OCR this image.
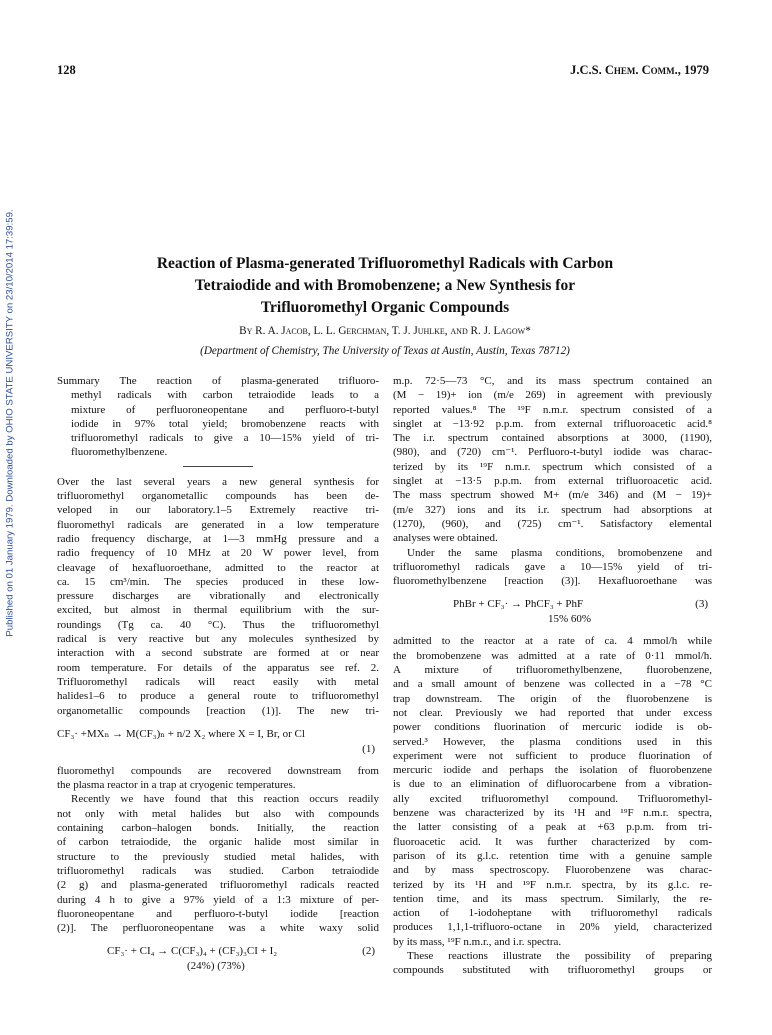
Published on 01 January 1979. Downloaded by OHIO STATE UNIVERSITY on 23/10/2014 17:39:59.
128	J.C.S. Chem. Comm., 1979
Reaction of Plasma-generated Trifluoromethyl Radicals with Carbon
Tetraiodide and with Bromobenzene; a New Synthesis for
Trifluoromethyl Organic Compounds
By R. A. Jacob, L. L. Gerchman, T. J. Juhlke, and R. J. Lagow*
(Department of Chemistry, The University of Texas at Austin, Austin, Texas 78712)
Summary The reaction of plasma-generated trifluoro-
methyl radicals with carbon tetraiodide leads to a
mixture of perfluoroneopentane and perfluoro-t-butyl
iodide in 97% total yield; bromobenzene reacts with
trifluoromethyl radicals to give a 10—15% yield of tri-
fluoromethylbenzene.
Over the last several years a new general synthesis for
trifluoromethyl organometallic compounds has been de-
veloped in our laboratory.1–5 Extremely reactive tri-
fluoromethyl radicals are generated in a low temperature
radio frequency discharge, at 1—3 mmHg pressure and a
radio frequency of 10 MHz at 20 W power level, from
cleavage of hexafluoroethane, admitted to the reactor at
ca. 15 cm³/min. The species produced in these low-
pressure discharges are vibrationally and electronically
excited, but almost in thermal equilibrium with the sur-
roundings (Tg ca. 40 °C). Thus the trifluoromethyl
radical is very reactive but any molecules synthesized by
interaction with a second substrate are formed at or near
room temperature. For details of the apparatus see ref. 2.
Trifluoromethyl radicals will react easily with metal
halides1–6 to produce a general route to trifluoromethyl
organometallic compounds [reaction (1)]. The new tri-
CF₃· +MXₙ → M(CF₃)ₙ + n/2 X₂ where X = I, Br, or Cl
(1)
fluoromethyl compounds are recovered downstream from
the plasma reactor in a trap at cryogenic temperatures.
Recently we have found that this reaction occurs readily
not only with metal halides but also with compounds
containing carbon–halogen bonds. Initially, the reaction
of carbon tetraiodide, the organic halide most similar in
structure to the previously studied metal halides, with
trifluoromethyl radicals was studied. Carbon tetraiodide
(2 g) and plasma-generated trifluoromethyl radicals reacted
during 4 h to give a 97% yield of a 1:3 mixture of per-
fluoroneopentane and perfluoro-t-butyl iodide [reaction
(2)]. The perfluoroneopentane was a white waxy solid
CF₃· + CI₄ → C(CF₃)₄ + (CF₃)₃CI + I₂	(2)
(24%) (73%)
m.p. 72·5—73 °C, and its mass spectrum contained an
(M − 19)+ ion (m/e 269) in agreement with previously
reported values.⁸ The ¹⁹F n.m.r. spectrum consisted of a
singlet at −13·92 p.p.m. from external trifluoroacetic acid.⁸
The i.r. spectrum contained absorptions at 3000, (1190),
(980), and (720) cm⁻¹. Perfluoro-t-butyl iodide was charac-
terized by its ¹⁹F n.m.r. spectrum which consisted of a
singlet at −13·5 p.p.m. from external trifluoroacetic acid.
The mass spectrum showed M+ (m/e 346) and (M − 19)+
(m/e 327) ions and its i.r. spectrum had absorptions at
(1270), (960), and (725) cm⁻¹. Satisfactory elemental
analyses were obtained.
Under the same plasma conditions, bromobenzene and
trifluoromethyl radicals gave a 10—15% yield of tri-
fluoromethylbenzene [reaction (3)]. Hexafluoroethane was
PhBr + CF₃· → PhCF₃ + PhF	(3)
15% 60%
admitted to the reactor at a rate of ca. 4 mmol/h while
the bromobenzene was admitted at a rate of 0·11 mmol/h.
A mixture of trifluoromethylbenzene, fluorobenzene,
and a small amount of benzene was collected in a −78 °C
trap downstream. The origin of the fluorobenzene is
not clear. Previously we had reported that under excess
power conditions fluorination of mercuric iodide is ob-
served.³ However, the plasma conditions used in this
experiment were not sufficient to produce fluorination of
mercuric iodide and perhaps the isolation of fluorobenzene
is due to an elimination of difluorocarbene from a vibration-
ally excited trifluoromethyl compound. Trifluoromethyl-
benzene was characterized by its ¹H and ¹⁹F n.m.r. spectra,
the latter consisting of a peak at +63 p.p.m. from tri-
fluoroacetic acid. It was further characterized by com-
parison of its g.l.c. retention time with a genuine sample
and by mass spectroscopy. Fluorobenzene was charac-
terized by its ¹H and ¹⁹F n.m.r. spectra, by its g.l.c. re-
tention time, and its mass spectrum. Similarly, the re-
action of 1-iodoheptane with trifluoromethyl radicals
produces 1,1,1-trifluoro-octane in 20% yield, characterized
by its mass, ¹⁹F n.m.r., and i.r. spectra.
These reactions illustrate the possibility of preparing
compounds substituted with trifluoromethyl groups or
